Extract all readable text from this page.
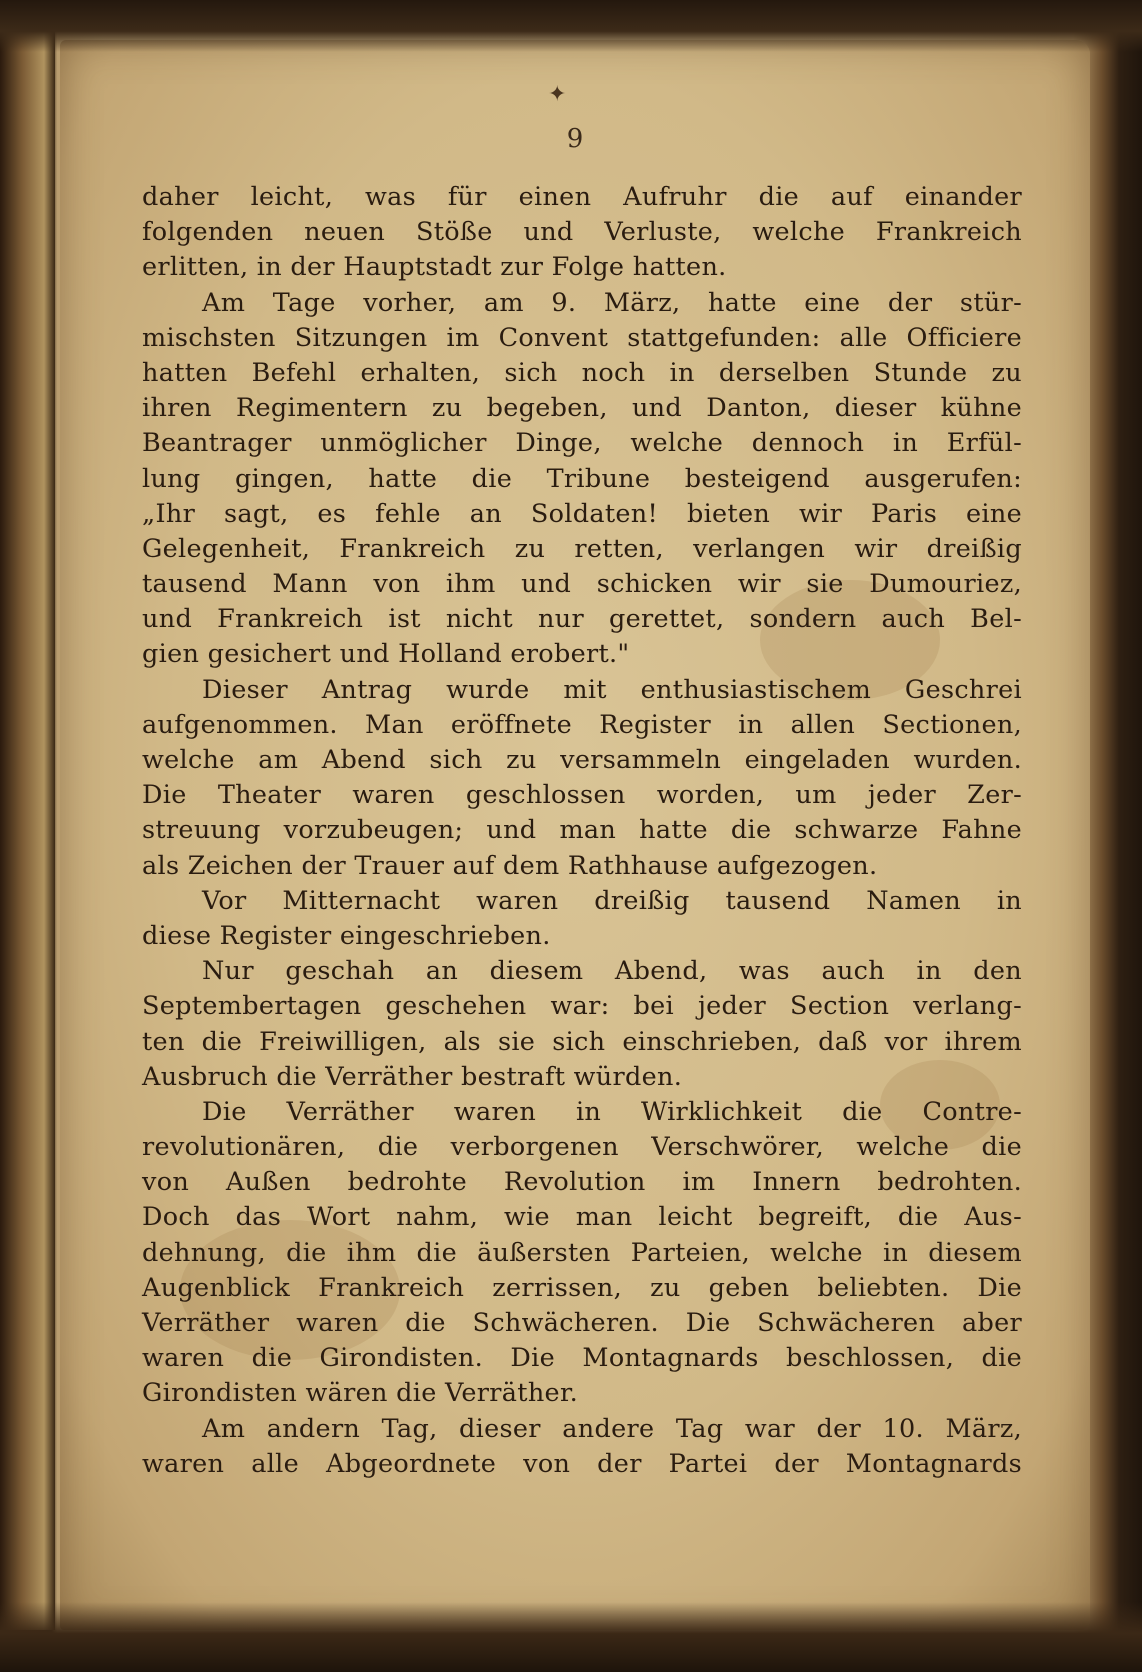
✦
9
daher leicht, was für einen Aufruhr die auf einander
folgenden neuen Stöße und Verluste, welche Frankreich
erlitten, in der Hauptstadt zur Folge hatten.
Am Tage vorher, am 9. März, hatte eine der stür-
mischsten Sitzungen im Convent stattgefunden: alle Officiere
hatten Befehl erhalten, sich noch in derselben Stunde zu
ihren Regimentern zu begeben, und Danton, dieser kühne
Beantrager unmöglicher Dinge, welche dennoch in Erfül-
lung gingen, hatte die Tribune besteigend ausgerufen:
„Ihr sagt, es fehle an Soldaten! bieten wir Paris eine
Gelegenheit, Frankreich zu retten, verlangen wir dreißig
tausend Mann von ihm und schicken wir sie Dumouriez,
und Frankreich ist nicht nur gerettet, sondern auch Bel-
gien gesichert und Holland erobert."
Dieser Antrag wurde mit enthusiastischem Geschrei
aufgenommen. Man eröffnete Register in allen Sectionen,
welche am Abend sich zu versammeln eingeladen wurden.
Die Theater waren geschlossen worden, um jeder Zer-
streuung vorzubeugen; und man hatte die schwarze Fahne
als Zeichen der Trauer auf dem Rathhause aufgezogen.
Vor Mitternacht waren dreißig tausend Namen in
diese Register eingeschrieben.
Nur geschah an diesem Abend, was auch in den
Septembertagen geschehen war: bei jeder Section verlang-
ten die Freiwilligen, als sie sich einschrieben, daß vor ihrem
Ausbruch die Verräther bestraft würden.
Die Verräther waren in Wirklichkeit die Contre-
revolutionären, die verborgenen Verschwörer, welche die
von Außen bedrohte Revolution im Innern bedrohten.
Doch das Wort nahm, wie man leicht begreift, die Aus-
dehnung, die ihm die äußersten Parteien, welche in diesem
Augenblick Frankreich zerrissen, zu geben beliebten. Die
Verräther waren die Schwächeren. Die Schwächeren aber
waren die Girondisten. Die Montagnards beschlossen, die
Girondisten wären die Verräther.
Am andern Tag, dieser andere Tag war der 10. März,
waren alle Abgeordnete von der Partei der Montagnards
